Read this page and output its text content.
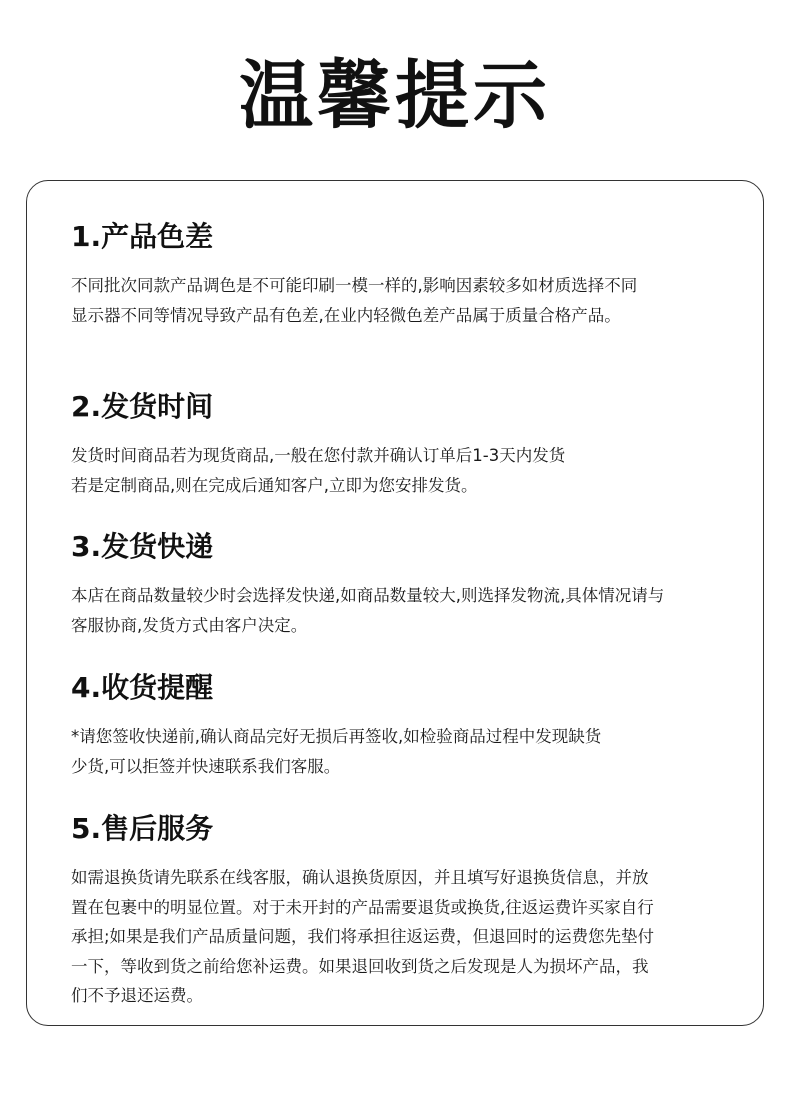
温馨提示
1.产品色差
不同批次同款产品调色是不可能印刷一模一样的,影响因素较多如材质选择不同
显示器不同等情况导致产品有色差,在业内轻微色差产品属于质量合格产品。
2.发货时间
发货时间商品若为现货商品,一般在您付款并确认订单后1-3天内发货
若是定制商品,则在完成后通知客户,立即为您安排发货。
3.发货快递
本店在商品数量较少时会选择发快递,如商品数量较大,则选择发物流,具体情况请与
客服协商,发货方式由客户决定。
4.收货提醒
*请您签收快递前,确认商品完好无损后再签收,如检验商品过程中发现缺货
少货,可以拒签并快速联系我们客服。
5.售后服务
如需退换货请先联系在线客服，确认退换货原因，并且填写好退换货信息，并放
置在包裹中的明显位置。对于未开封的产品需要退货或换货,往返运费许买家自行
承担;如果是我们产品质量问题，我们将承担往返运费，但退回时的运费您先垫付
一下，等收到货之前给您补运费。如果退回收到货之后发现是人为损坏产品，我
们不予退还运费。
